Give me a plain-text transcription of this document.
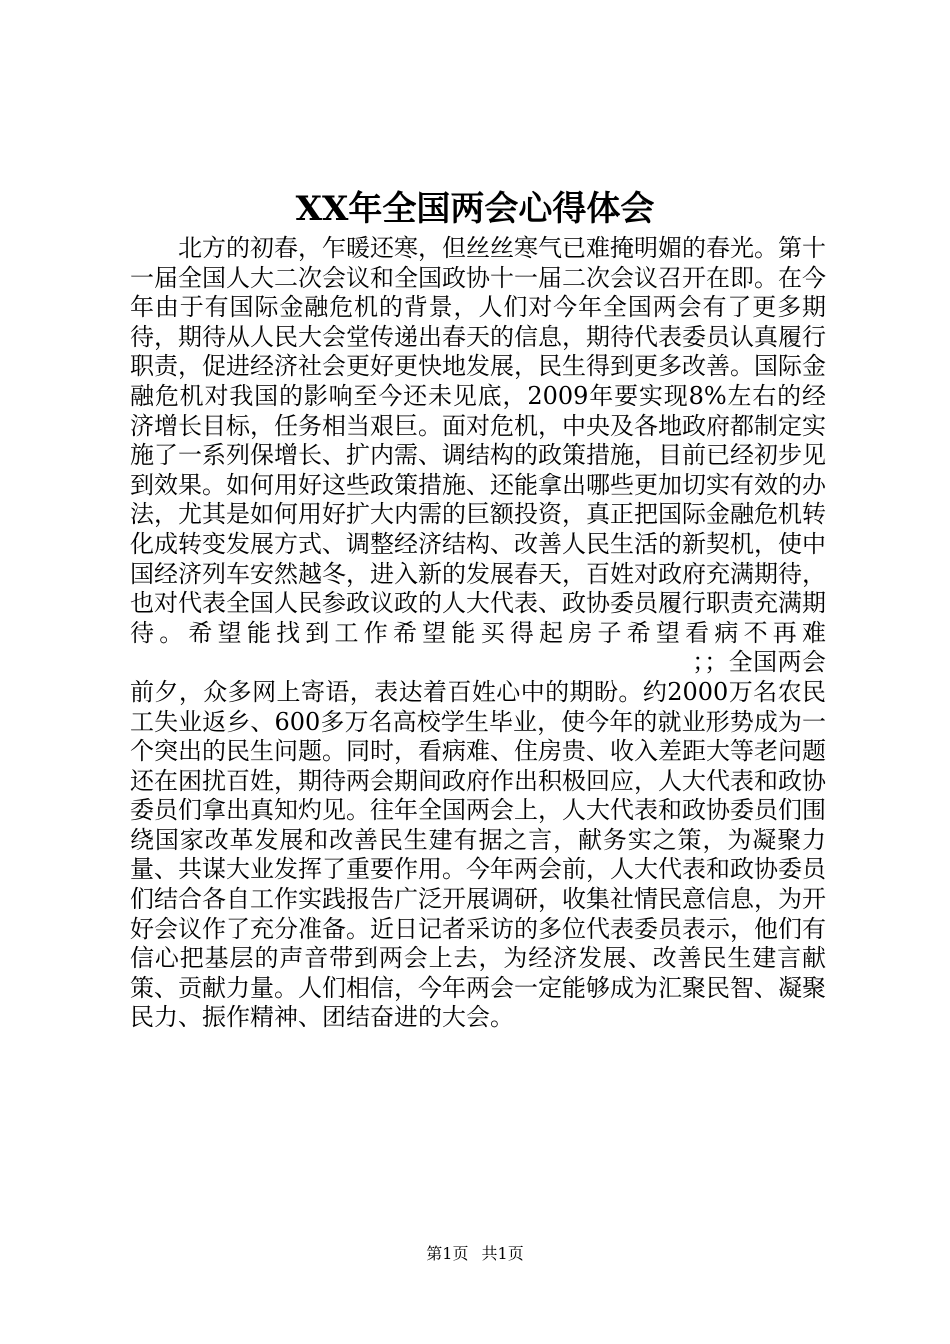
XX年全国两会心得体会

北方的初春，乍暖还寒，但丝丝寒气已难掩明媚的春光。第十一届全国人大二次会议和全国政协十一届二次会议召开在即。在今年由于有国际金融危机的背景，人们对今年全国两会有了更多期待，期待从人民大会堂传递出春天的信息，期待代表委员认真履行职责，促进经济社会更好更快地发展，民生得到更多改善。国际金融危机对我国的影响至今还未见底，2009年要实现8%左右的经济增长目标，任务相当艰巨。面对危机，中央及各地政府都制定实施了一系列保增长、扩内需、调结构的政策措施，目前已经初步见到效果。如何用好这些政策措施、还能拿出哪些更加切实有效的办法，尤其是如何用好扩大内需的巨额投资，真正把国际金融危机转化成转变发展方式、调整经济结构、改善人民生活的新契机，使中国经济列车安然越冬，进入新的发展春天，百姓对政府充满期待，也对代表全国人民参政议政的人大代表、政协委员履行职责充满期待。希望能找到工作希望能买得起房子希望看病不再难 　　　　　　　　　　　　　　　　　　　　　　　；；全国两会前夕，众多网上寄语，表达着百姓心中的期盼。约2000万名农民工失业返乡、600多万名高校学生毕业，使今年的就业形势成为一个突出的民生问题。同时，看病难、住房贵、收入差距大等老问题还在困扰百姓，期待两会期间政府作出积极回应，人大代表和政协委员们拿出真知灼见。往年全国两会上，人大代表和政协委员们围绕国家改革发展和改善民生建有据之言，献务实之策，为凝聚力量、共谋大业发挥了重要作用。今年两会前，人大代表和政协委员们结合各自工作实践报告广泛开展调研，收集社情民意信息，为开好会议作了充分准备。近日记者采访的多位代表委员表示，他们有信心把基层的声音带到两会上去，为经济发展、改善民生建言献策、贡献力量。人们相信，今年两会一定能够成为汇聚民智、凝聚民力、振作精神、团结奋进的大会。

第1页 共1页
